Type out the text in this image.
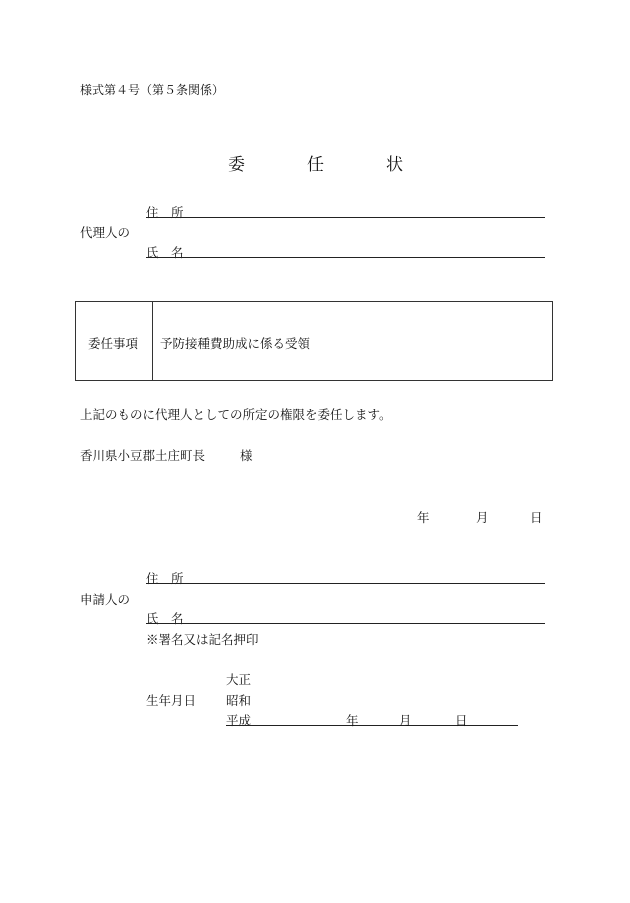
様式第４号（第５条関係）
委	任	状
住　所
代理人の
氏　名
委任事項 予防接種費助成に係る受領
上記のものに代理人としての所定の権限を委任します。
香川県小豆郡土庄町長	様
年	月	日
住　所
申請人の
氏　名
※署名又は記名押印
大正
生年月日 昭和
平成	年	月	日
